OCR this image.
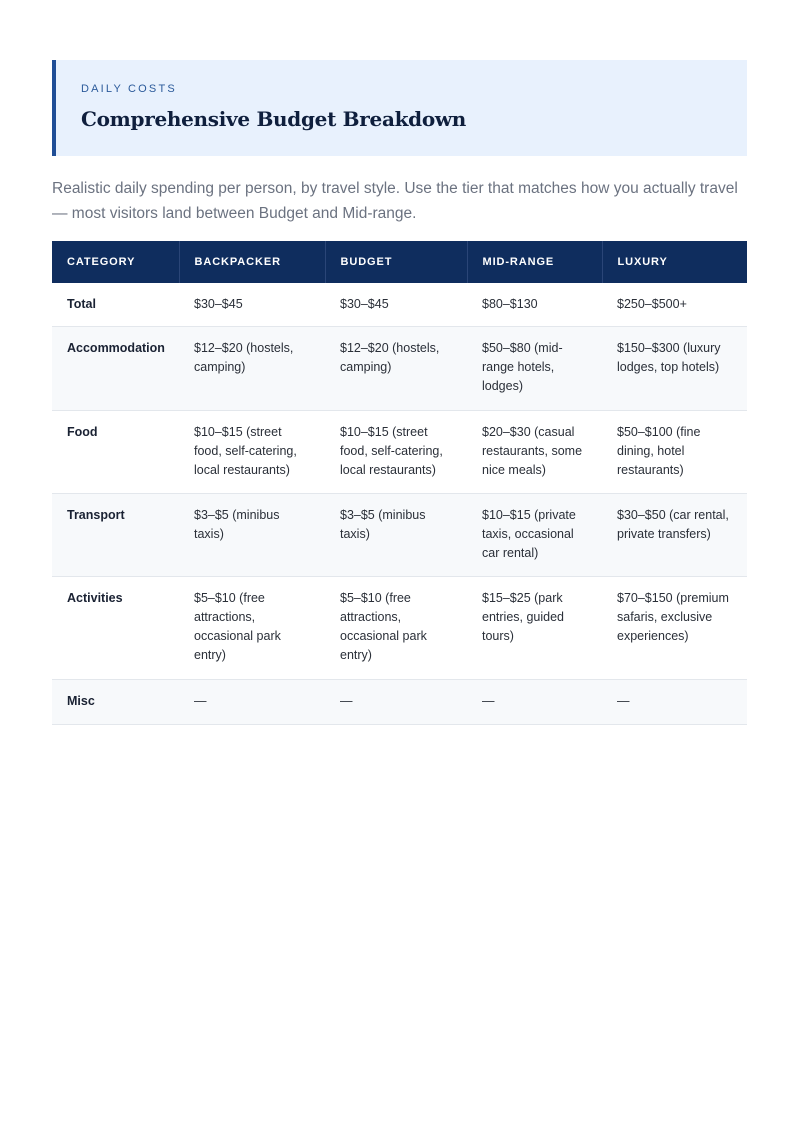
DAILY COSTS
Comprehensive Budget Breakdown

Realistic daily spending per person, by travel style. Use the tier that matches how you actually travel — most visitors land between Budget and Mid-range.

CATEGORY	BACKPACKER	BUDGET	MID-RANGE	LUXURY
Total	$30–$45	$30–$45	$80–$130	$250–$500+
Accommodation	$12–$20 (hostels, camping)	$12–$20 (hostels, camping)	$50–$80 (mid-range hotels, lodges)	$150–$300 (luxury lodges, top hotels)
Food	$10–$15 (street food, self-catering, local restaurants)	$10–$15 (street food, self-catering, local restaurants)	$20–$30 (casual restaurants, some nice meals)	$50–$100 (fine dining, hotel restaurants)
Transport	$3–$5 (minibus taxis)	$3–$5 (minibus taxis)	$10–$15 (private taxis, occasional car rental)	$30–$50 (car rental, private transfers)
Activities	$5–$10 (free attractions, occasional park entry)	$5–$10 (free attractions, occasional park entry)	$15–$25 (park entries, guided tours)	$70–$150 (premium safaris, exclusive experiences)
Misc	—	—	—	—
